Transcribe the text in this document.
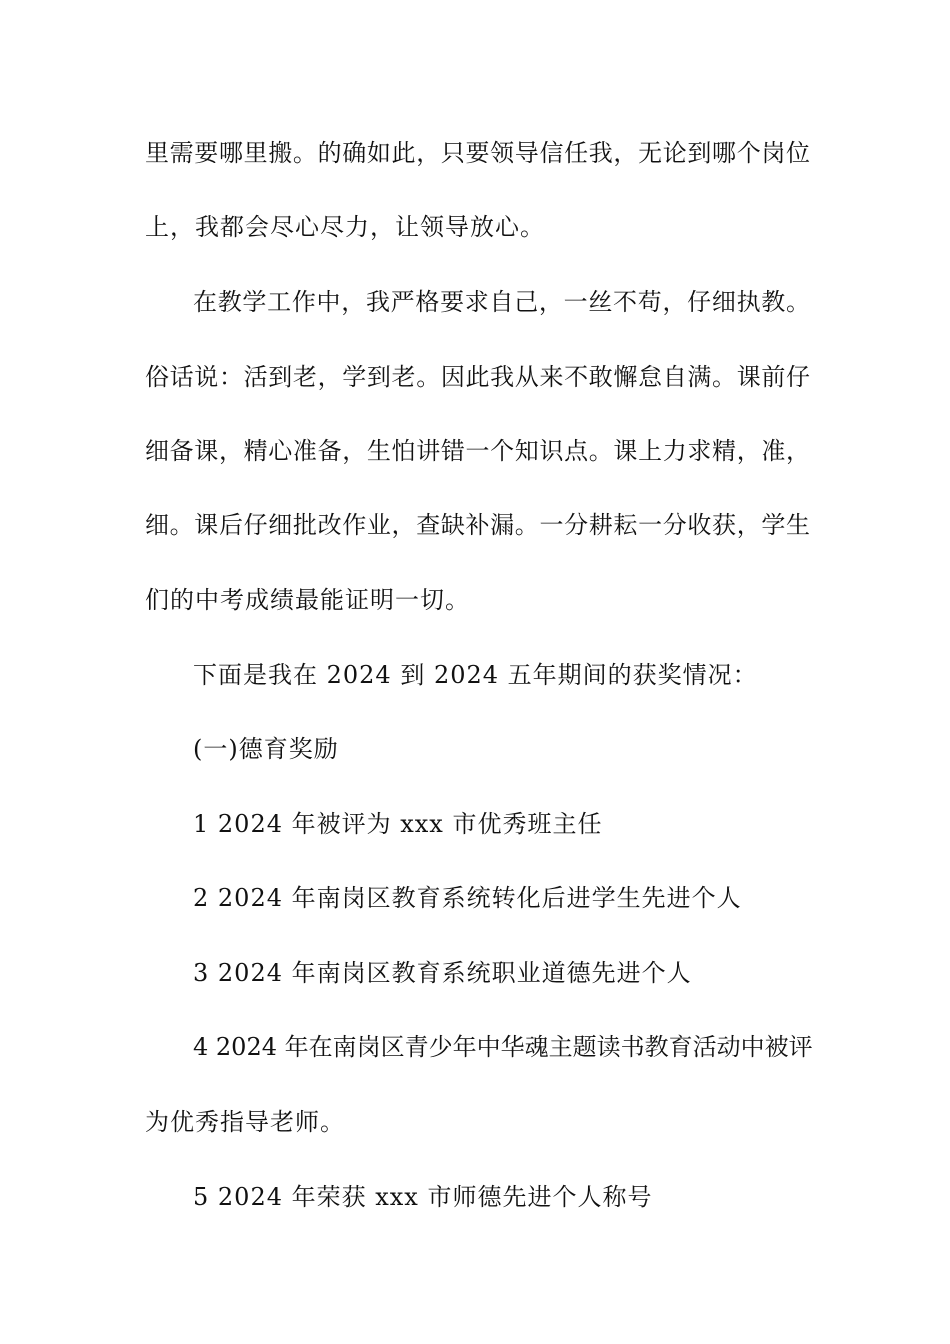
里需要哪里搬。的确如此，只要领导信任我，无论到哪个岗位
上，我都会尽心尽力，让领导放心。
在教学工作中，我严格要求自己，一丝不苟，仔细执教。
俗话说：活到老，学到老。因此我从来不敢懈怠自满。课前仔
细备课，精心准备，生怕讲错一个知识点。课上力求精，准，
细。课后仔细批改作业，查缺补漏。一分耕耘一分收获，学生
们的中考成绩最能证明一切。
下面是我在 2024 到 2024 五年期间的获奖情况：
(一)德育奖励
1 2024 年被评为 xxx 市优秀班主任
2 2024 年南岗区教育系统转化后进学生先进个人
3 2024 年南岗区教育系统职业道德先进个人
4 2024 年在南岗区青少年中华魂主题读书教育活动中被评
为优秀指导老师。
5 2024 年荣获 xxx 市师德先进个人称号
